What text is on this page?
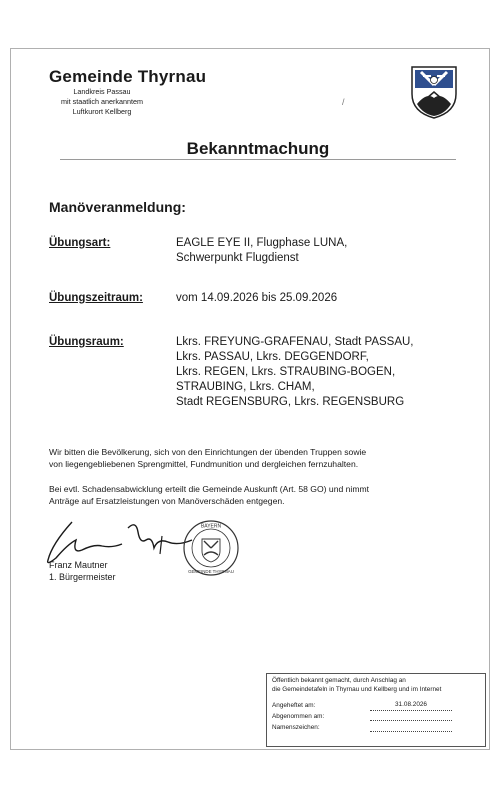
Gemeinde Thyrnau
Landkreis Passau
mit staatlich anerkanntem
Luftkurort Kellberg
/
Bekanntmachung
Manöveranmeldung:
Übungsart:	EAGLE EYE II, Flugphase LUNA,
Schwerpunkt Flugdienst
Übungszeitraum:	vom 14.09.2026 bis 25.09.2026
Übungsraum:	Lkrs. FREYUNG-GRAFENAU, Stadt PASSAU,
Lkrs. PASSAU, Lkrs. DEGGENDORF,
Lkrs. REGEN, Lkrs. STRAUBING-BOGEN,
STRAUBING, Lkrs. CHAM,
Stadt REGENSBURG, Lkrs. REGENSBURG
Wir bitten die Bevölkerung, sich von den Einrichtungen der übenden Truppen sowie
von liegengebliebenen Sprengmittel, Fundmunition und dergleichen fernzuhalten.
Bei evtl. Schadensabwicklung erteilt die Gemeinde Auskunft (Art. 58 GO) und nimmt
Anträge auf Ersatzleistungen von Manöverschäden entgegen.
BAYERN
GEMEINDE THYRNAU
Franz Mautner
1. Bürgermeister
Öffentlich bekannt gemacht, durch Anschlag an
die Gemeindetafeln in Thyrnau und Kellberg und im Internet
Angeheftet am:	31.08.2026
Abgenommen am:
Namenszeichen:
